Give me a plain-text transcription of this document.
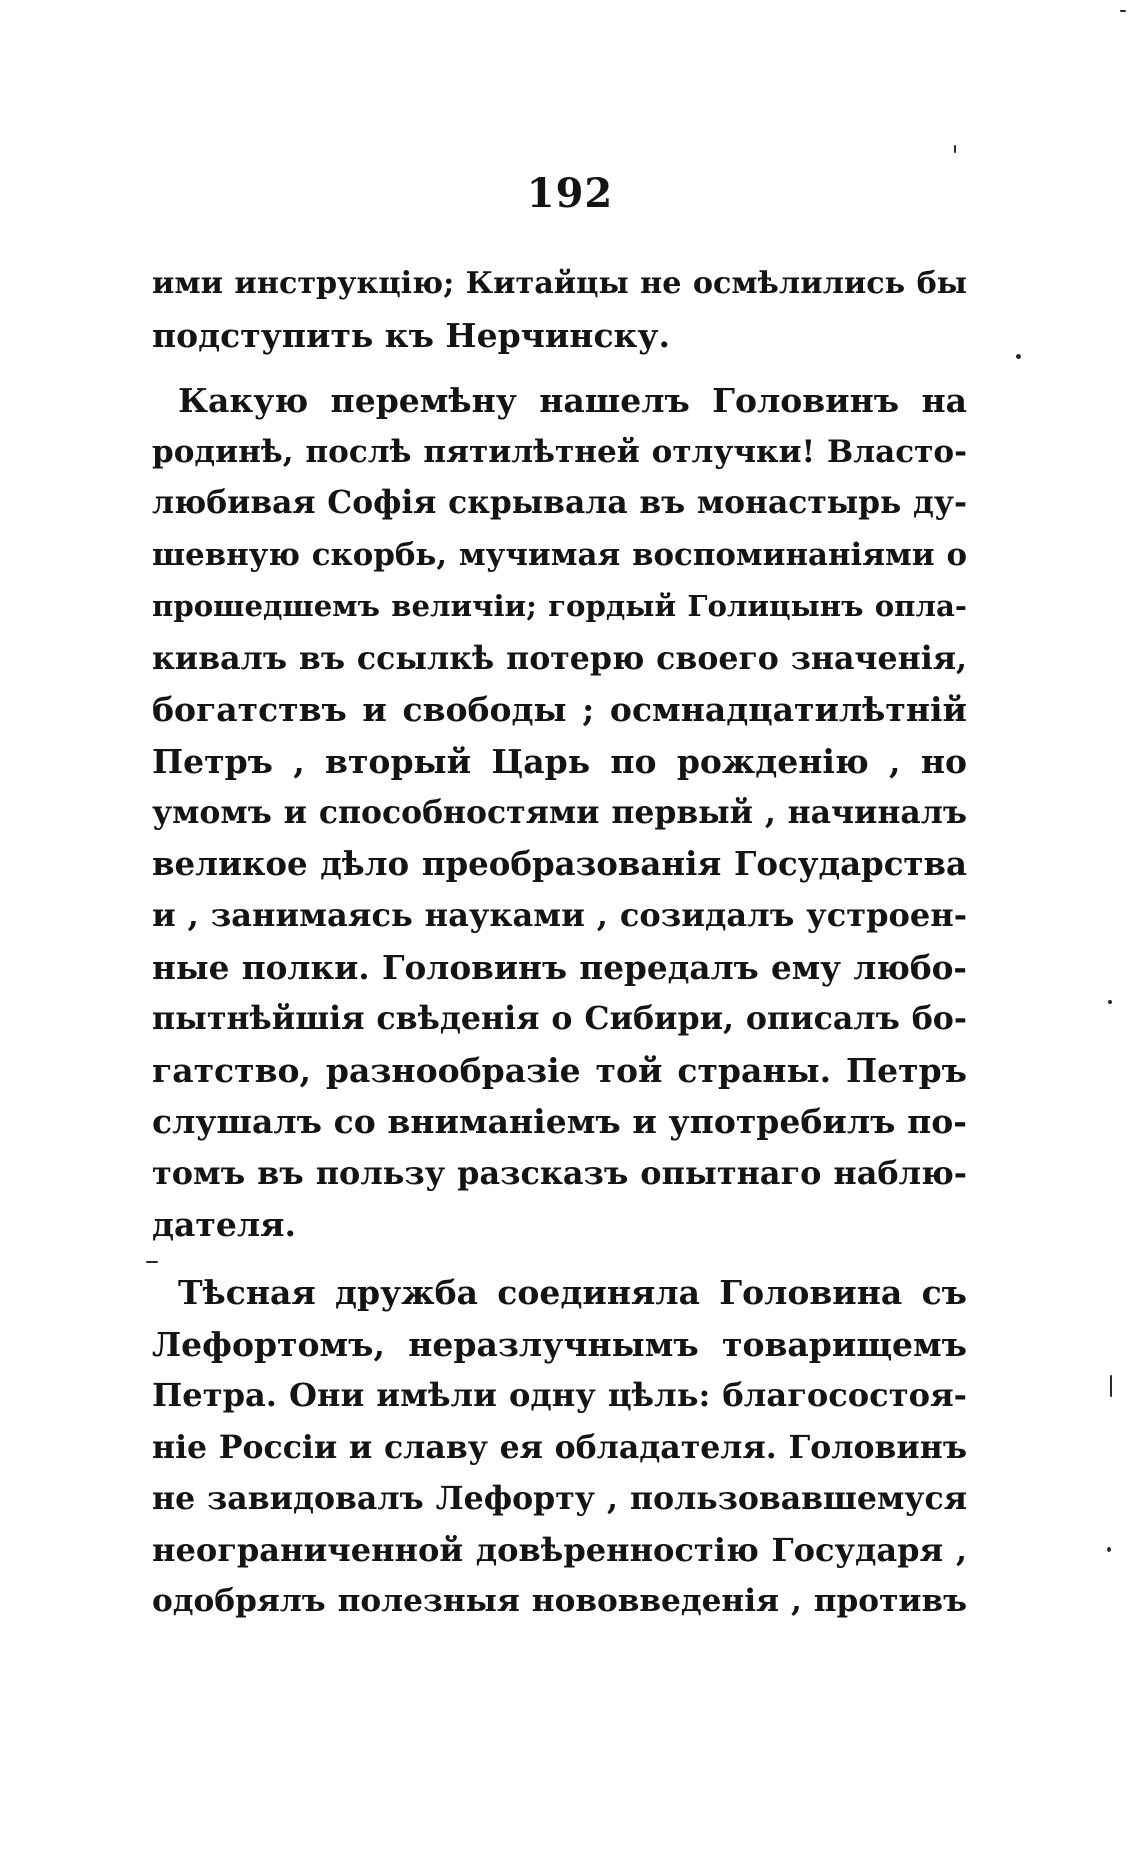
192
ими инструкцію; Китайцы не осмѣлились бы
подступить къ Нерчинску.
Какую перемѣну нашелъ Головинъ на
родинѣ, послѣ пятилѣтней отлучки! Власто-
любивая Софія скрывала въ монастырь ду-
шевную скорбь, мучимая воспоминаніями о
прошедшемъ величіи; гордый Голицынъ опла-
кивалъ въ ссылкѣ потерю своего значенія,
богатствъ и свободы ; осмнадцатилѣтній
Петръ , вторый Царь по рожденію , но
умомъ и способностями первый , начиналъ
великое дѣло преобразованія Государства
и , занимаясь науками , созидалъ устроен-
ные полки. Головинъ передалъ ему любо-
пытнѣйшія свѣденія о Сибири, описалъ бо-
гатство, разнообразіе той страны. Петръ
слушалъ со вниманіемъ и употребилъ по-
томъ въ пользу разсказъ опытнаго наблю-
дателя.
Тѣсная дружба соединяла Головина съ
Лефортомъ, неразлучнымъ товарищемъ
Петра. Они имѣли одну цѣль: благосостоя-
ніе Россіи и славу ея обладателя. Головинъ
не завидовалъ Лефорту , пользовавшемуся
неограниченной довѣренностію Государя ,
одобрялъ полезныя нововведенія , противъ
